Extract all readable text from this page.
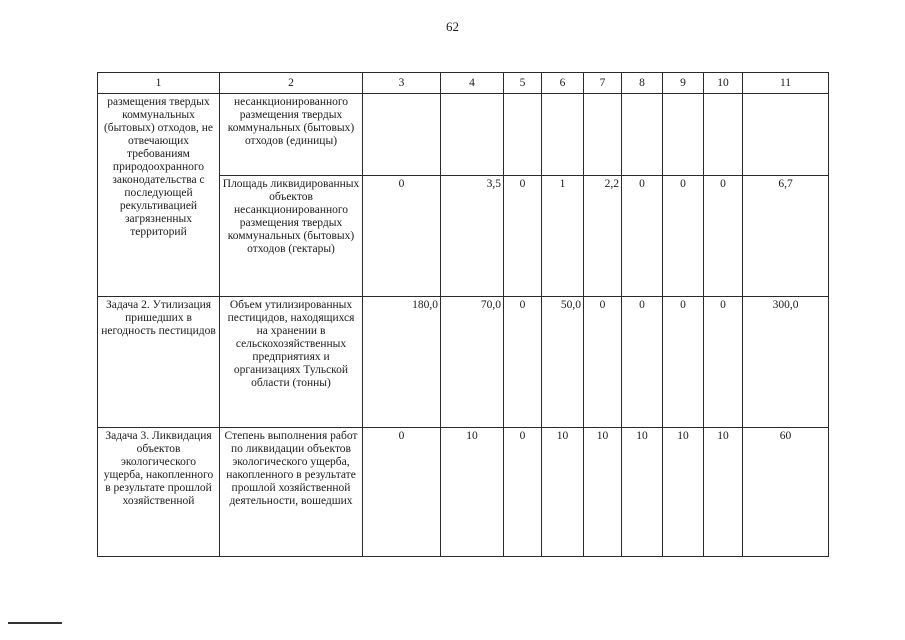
62
1	2	3	4	5	6	7	8	9	10	11
размещения твердых коммунальных (бытовых) отходов, не отвечающих требованиям природоохранного законодательства с последующей рекультивацией загрязненных территорий	несанкционированного размещения твердых коммунальных (бытовых) отходов (единицы)									
	Площадь ликвидированных объектов несанкционированного размещения твердых коммунальных (бытовых) отходов (гектары)	0	3,5	0	1	2,2	0	0	0	6,7
Задача 2. Утилизация пришедших в негодность пестицидов	Объем утилизированных пестицидов, находящихся на хранении в сельскохозяйственных предприятиях и организациях Тульской области (тонны)	180,0	70,0	0	50,0	0	0	0	0	300,0
Задача 3. Ликвидация объектов экологического ущерба, накопленного в результате прошлой хозяйственной	Степень выполнения работ по ликвидации объектов экологического ущерба, накопленного в результате прошлой хозяйственной деятельности, вошедших	0	10	0	10	10	10	10	10	60
